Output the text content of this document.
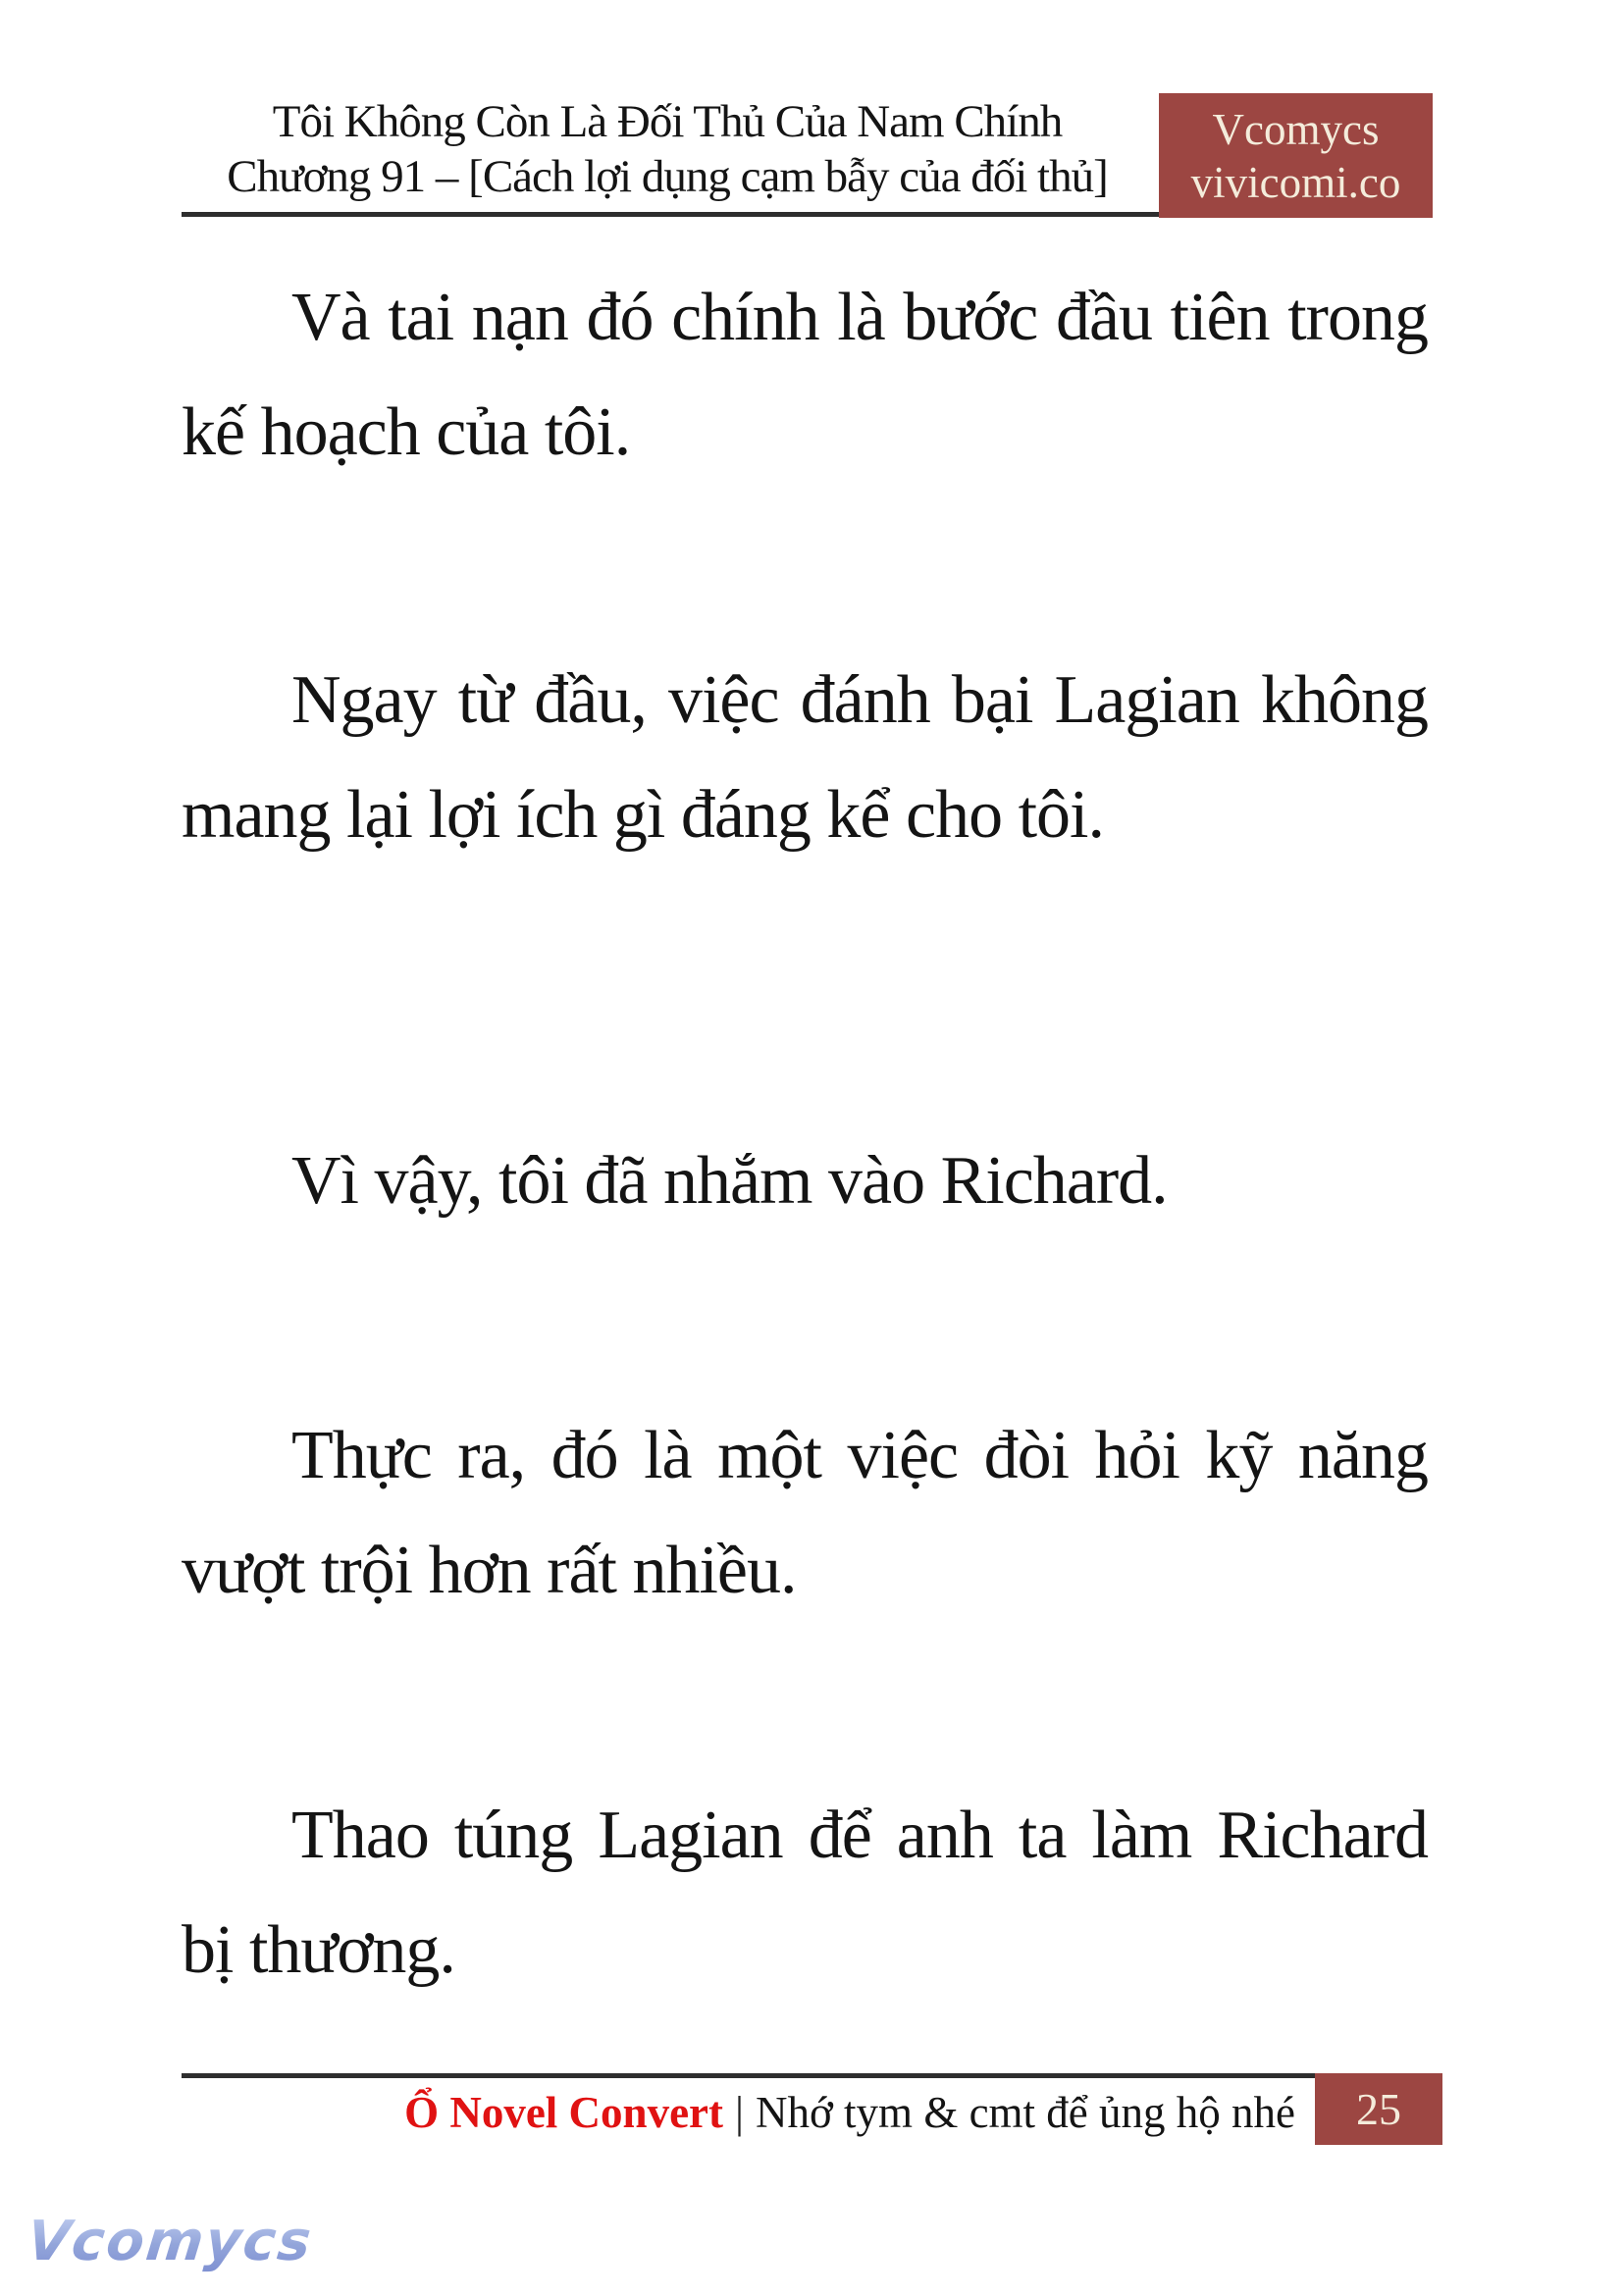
Tôi Không Còn Là Đối Thủ Của Nam Chính
Chương 91 – [Cách lợi dụng cạm bẫy của đối thủ]
Vcomycs
vivicomi.co

Và tai nạn đó chính là bước đầu tiên trong kế hoạch của tôi.

Ngay từ đầu, việc đánh bại Lagian không mang lại lợi ích gì đáng kể cho tôi.

Vì vậy, tôi đã nhắm vào Richard.

Thực ra, đó là một việc đòi hỏi kỹ năng vượt trội hơn rất nhiều.

Thao túng Lagian để anh ta làm Richard bị thương.

Ổ Novel Convert | Nhớ tym & cmt để ủng hộ nhé 25
Vcomycs
